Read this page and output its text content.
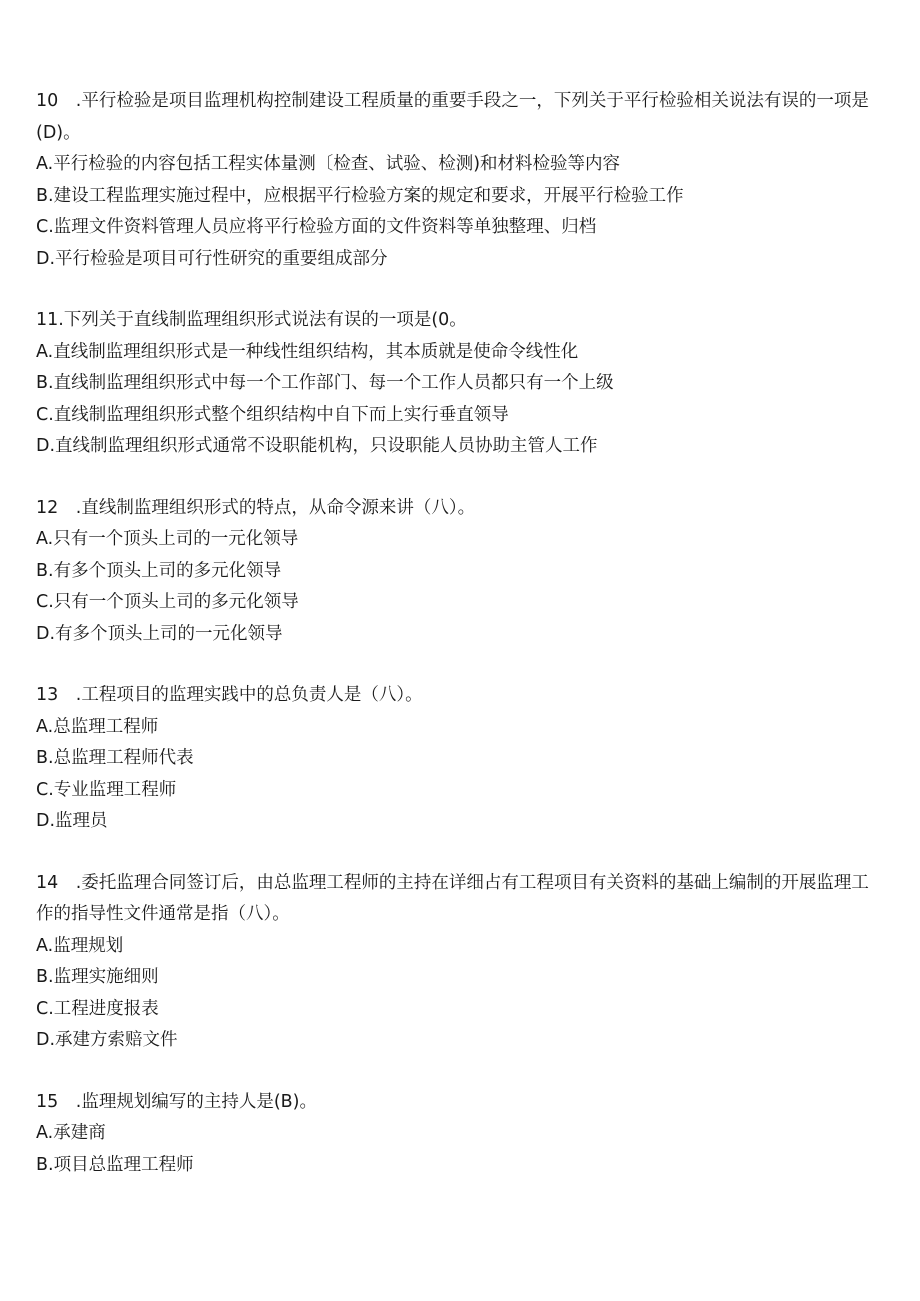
10　.平行检验是项目监理机构控制建设工程质量的重要手段之一，下列关于平行检验相关说法有误的一项是(D)。

A.平行检验的内容包括工程实体量测〔检查、试验、检测)和材料检验等内容

B.建设工程监理实施过程中，应根据平行检验方案的规定和要求，开展平行检验工作

C.监理文件资料管理人员应将平行检验方面的文件资料等单独整理、归档

D.平行检验是项目可行性研究的重要组成部分

11.下列关于直线制监理组织形式说法有误的一项是(0。

A.直线制监理组织形式是一种线性组织结构，其本质就是使命令线性化

B.直线制监理组织形式中每一个工作部门、每一个工作人员都只有一个上级

C.直线制监理组织形式整个组织结构中自下而上实行垂直领导

D.直线制监理组织形式通常不设职能机构，只设职能人员协助主管人工作

12　.直线制监理组织形式的特点，从命令源来讲（八）。

A.只有一个顶头上司的一元化领导

B.有多个顶头上司的多元化领导

C.只有一个顶头上司的多元化领导

D.有多个顶头上司的一元化领导

13　.工程项目的监理实践中的总负责人是（八）。

A.总监理工程师

B.总监理工程师代表

C.专业监理工程师

D.监理员

14　.委托监理合同签订后，由总监理工程师的主持在详细占有工程项目有关资料的基础上编制的开展监理工作的指导性文件通常是指（八）。

A.监理规划

B.监理实施细则

C.工程进度报表

D.承建方索赔文件

15　.监理规划编写的主持人是(B)。

A.承建商

B.项目总监理工程师
